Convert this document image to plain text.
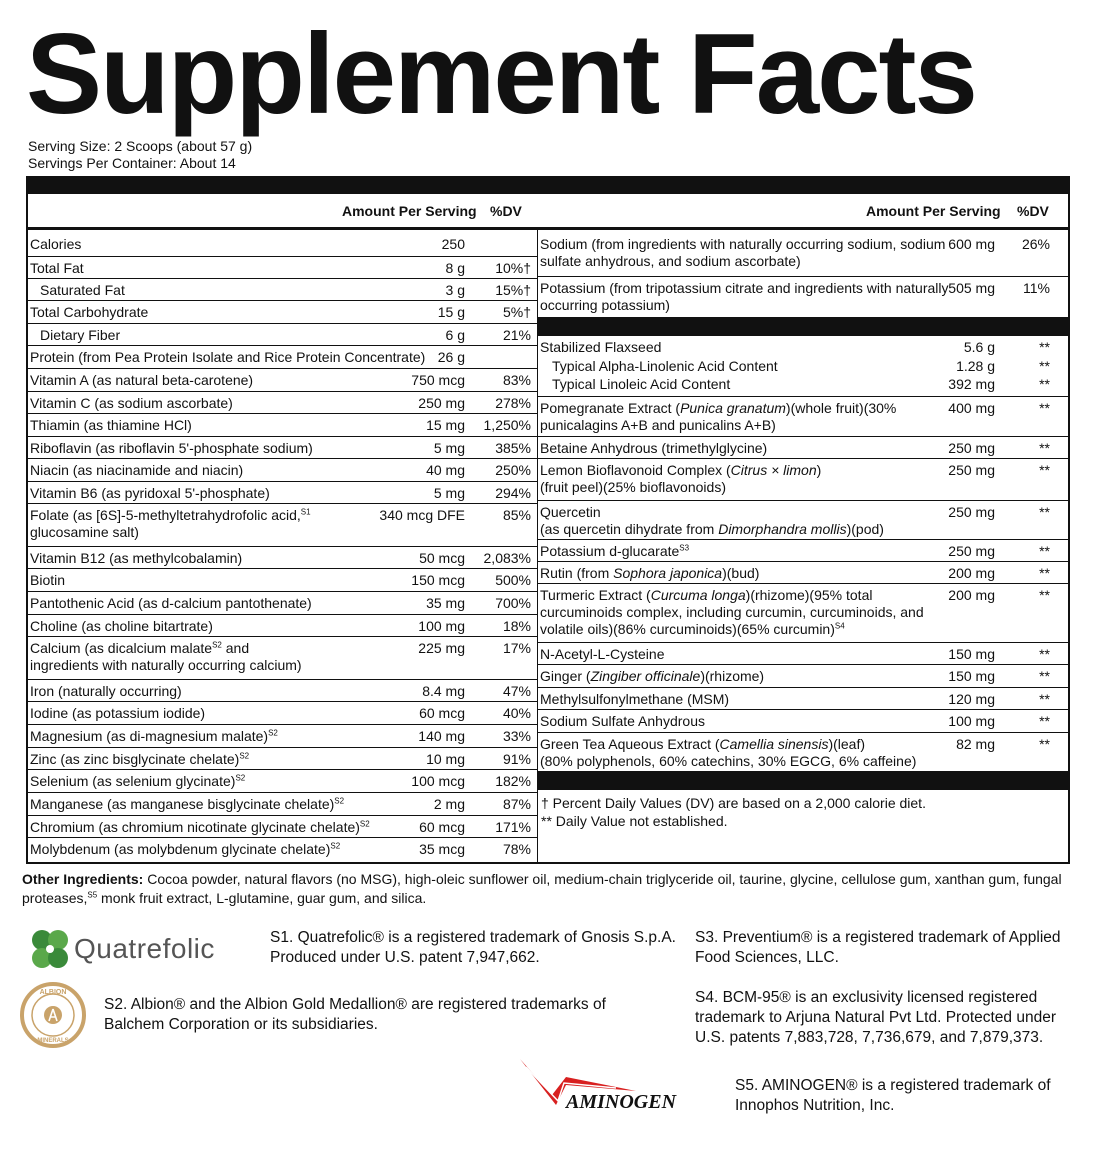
Supplement Facts
Serving Size: 2 Scoops (about 57 g)
Servings Per Container: About 14
Amount Per Serving %DV	Amount Per Serving %DV
Calories	250
Total Fat	8 g	10%†
Saturated Fat	3 g	15%†
Total Carbohydrate	15 g	5%†
Dietary Fiber	6 g	21%
Protein (from Pea Protein Isolate and Rice Protein Concentrate) 26 g
Vitamin A (as natural beta-carotene)	750 mcg	83%
Vitamin C (as sodium ascorbate)	250 mg	278%
Thiamin (as thiamine HCl)	15 mg	1,250%
Riboflavin (as riboflavin 5'-phosphate sodium)	5 mg	385%
Niacin (as niacinamide and niacin)	40 mg	250%
Vitamin B6 (as pyridoxal 5'-phosphate)	5 mg	294%
Folate (as [6S]-5-methyltetrahydrofolic acid,$^{S1}$
glucosamine salt)
340 mcg DFE	85%
Vitamin B12 (as methylcobalamin)	50 mcg	2,083%
Biotin	150 mcg	500%
Pantothenic Acid (as d-calcium pantothenate)	35 mg	700%
Choline (as choline bitartrate)	100 mg	18%
Calcium (as dicalcium malate$^{S2}$ and
ingredients with naturally occurring calcium)
225 mg	17%
Iron (naturally occurring)	8.4 mg	47%
Iodine (as potassium iodide)	60 mcg	40%
Magnesium (as di-magnesium malate)$^{S2}$	140 mg	33%
Zinc (as zinc bisglycinate chelate)$^{S2}$	10 mg	91%
Selenium (as selenium glycinate)$^{S2}$	100 mcg	182%
Manganese (as manganese bisglycinate chelate)$^{S2}$	2 mg	87%
Chromium (as chromium nicotinate glycinate chelate)$^{S2}$	60 mcg	171%
Molybdenum (as molybdenum glycinate chelate)$^{S2}$	35 mcg	78%
Sodium (from ingredients with naturally occurring sodium, sodium
sulfate anhydrous, and sodium ascorbate)
600 mg	26%
Potassium (from tripotassium citrate and ingredients with naturally
occurring potassium)
505 mg	11%
Stabilized Flaxseed	5.6 g	**
Typical Alpha-Linolenic Acid Content	1.28 g	**
Typical Linoleic Acid Content	392 mg	**
Pomegranate Extract (Punica granatum)(whole fruit)(30%
punicalagins A+B and punicalins A+B)
400 mg	**
Betaine Anhydrous (trimethylglycine)	250 mg	**
Lemon Bioflavonoid Complex (Citrus × limon)
(fruit peel)(25% bioflavonoids)
250 mg	**
Quercetin
(as quercetin dihydrate from Dimorphandra mollis)(pod)
250 mg	**
Potassium d-glucarate$^{S3}$	250 mg	**
Rutin (from Sophora japonica)(bud)	200 mg	**
Turmeric Extract (Curcuma longa)(rhizome)(95% total
curcuminoids complex, including curcumin, curcuminoids, and
volatile oils)(86% curcuminoids)(65% curcumin)$^{S4}$
200 mg	**
N-Acetyl-L-Cysteine	150 mg	**
Ginger (Zingiber officinale)(rhizome)	150 mg	**
Methylsulfonylmethane (MSM)	120 mg	**
Sodium Sulfate Anhydrous	100 mg	**
Green Tea Aqueous Extract (Camellia sinensis)(leaf)
(80% polyphenols, 60% catechins, 30% EGCG, 6% caffeine)
82 mg	**
† Percent Daily Values (DV) are based on a 2,000 calorie diet.
** Daily Value not established.
Other Ingredients: Cocoa powder, natural flavors (no MSG), high-oleic sunflower oil, medium-chain triglyceride oil, taurine, glycine, cellulose gum, xanthan gum, fungal proteases,$^{S5}$ monk fruit extract, L-glutamine, guar gum, and silica.
Quatrefolic	S1. Quatrefolic® is a registered trademark of Gnosis S.p.A. Produced under U.S. patent 7,947,662.
S3. Preventium® is a registered trademark of Applied Food Sciences, LLC.
ALBION
MINERALS
S2. Albion® and the Albion Gold Medallion® are registered trademarks of Balchem Corporation or its subsidiaries.
S4. BCM-95® is an exclusivity licensed registered trademark to Arjuna Natural Pvt Ltd. Protected under U.S. patents 7,883,728, 7,736,679, and 7,879,373.
AMINOGEN
S5. AMINOGEN® is a registered trademark of Innophos Nutrition, Inc.
